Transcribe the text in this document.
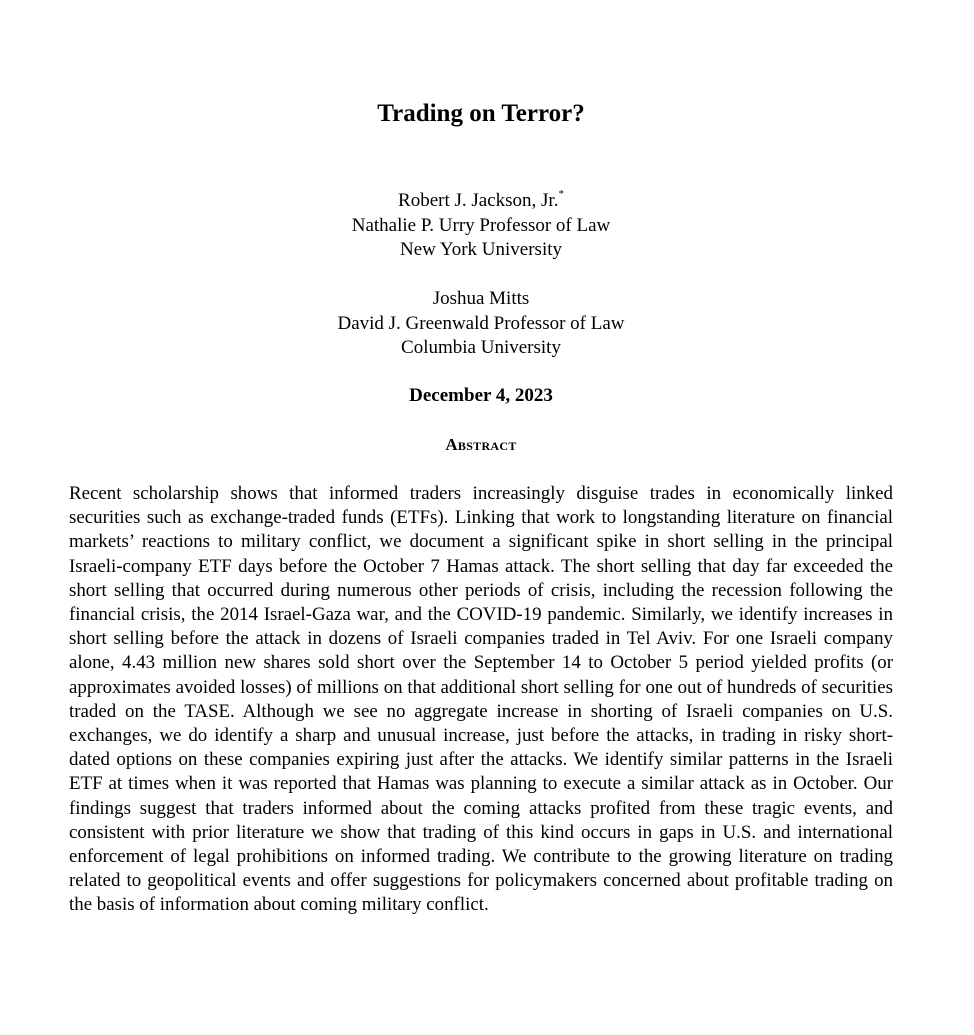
Trading on Terror?
Robert J. Jackson, Jr.*
Nathalie P. Urry Professor of Law
New York University
Joshua Mitts
David J. Greenwald Professor of Law
Columbia University
December 4, 2023
Abstract
Recent scholarship shows that informed traders increasingly disguise trades in economically linked securities such as exchange-traded funds (ETFs). Linking that work to longstanding literature on financial markets’ reactions to military conflict, we document a significant spike in short selling in the principal Israeli-company ETF days before the October 7 Hamas attack. The short selling that day far exceeded the short selling that occurred during numerous other periods of crisis, including the recession following the financial crisis, the 2014 Israel-Gaza war, and the COVID-19 pandemic. Similarly, we identify increases in short selling before the attack in dozens of Israeli companies traded in Tel Aviv. For one Israeli company alone, 4.43 million new shares sold short over the September 14 to October 5 period yielded profits (or approximates avoided losses) of millions on that additional short selling for one out of hundreds of securities traded on the TASE. Although we see no aggregate increase in shorting of Israeli companies on U.S. exchanges, we do identify a sharp and unusual increase, just before the attacks, in trading in risky short-dated options on these companies expiring just after the attacks. We identify similar patterns in the Israeli ETF at times when it was reported that Hamas was planning to execute a similar attack as in October. Our findings suggest that traders informed about the coming attacks profited from these tragic events, and consistent with prior literature we show that trading of this kind occurs in gaps in U.S. and international enforcement of legal prohibitions on informed trading. We contribute to the growing literature on trading related to geopolitical events and offer suggestions for policymakers concerned about profitable trading on the basis of information about coming military conflict.
